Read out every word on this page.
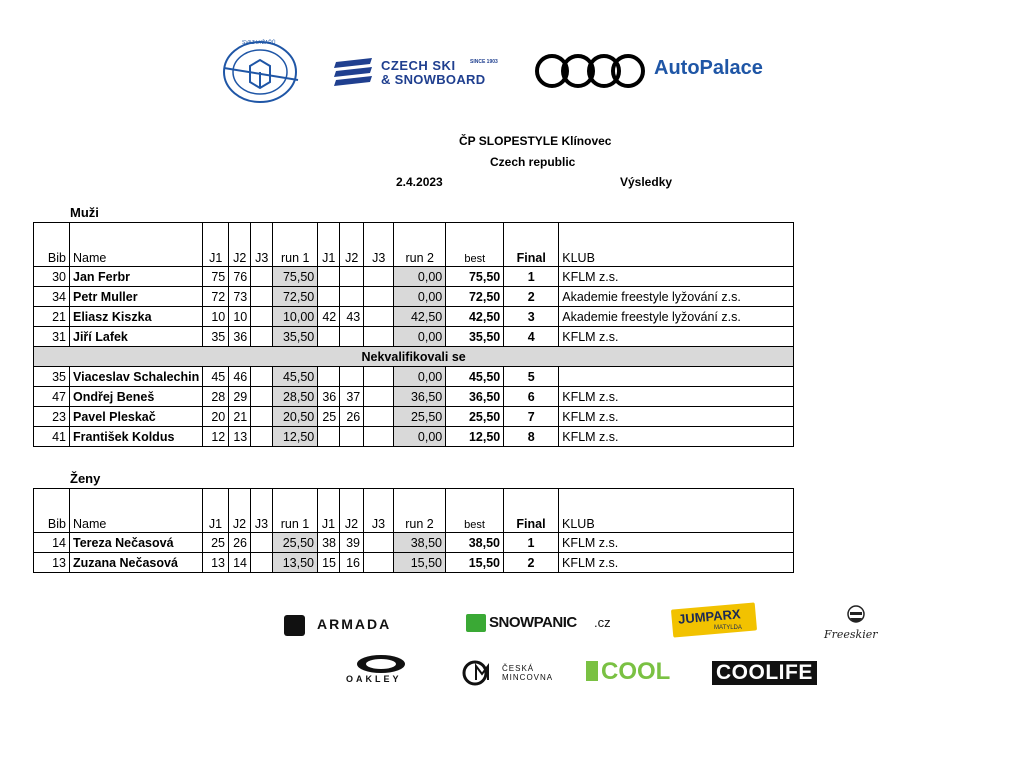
SVAZ LYŽAŘŮ
CZECH SKI	SINCE 1903
& SNOWBOARD
AutoPalace
ČP SLOPESTYLE Klínovec
Czech republic
2.4.2023	Výsledky
Muži
Bib	Name	J1	J2	J3	run 1	J1	J2	J3	run 2	best	Final	KLUB
30	Jan Ferbr	75	76		75,50				0,00	75,50	1	KFLM z.s.
34	Petr Muller	72	73		72,50				0,00	72,50	2	Akademie freestyle lyžování z.s.
21	Eliasz Kiszka	10	10		10,00	42	43		42,50	42,50	3	Akademie freestyle lyžování z.s.
31	Jiří Lafek	35	36		35,50				0,00	35,50	4	KFLM z.s.
Nekvalifikovali se												
35	Viaceslav Schalechin	45	46		45,50				0,00	45,50	5	
47	Ondřej Beneš	28	29		28,50	36	37		36,50	36,50	6	KFLM z.s.
23	Pavel Pleskač	20	21		20,50	25	26		25,50	25,50	7	KFLM z.s.
41	František Koldus	12	13		12,50				0,00	12,50	8	KFLM z.s.
Ženy
Bib	Name	J1	J2	J3	run 1	J1	J2	J3	run 2	best	Final	KLUB
14	Tereza Nečasová	25	26		25,50	38	39		38,50	38,50	1	KFLM z.s.
13	Zuzana Nečasová	13	14		13,50	15	16		15,50	15,50	2	KFLM z.s.
ARMADA	SNOWPANIC .cz	JUMPARX
MATYLDA	Freeskier
OAKLEY
ČESKÁ
MINCOVNA COOL COOLIFE
